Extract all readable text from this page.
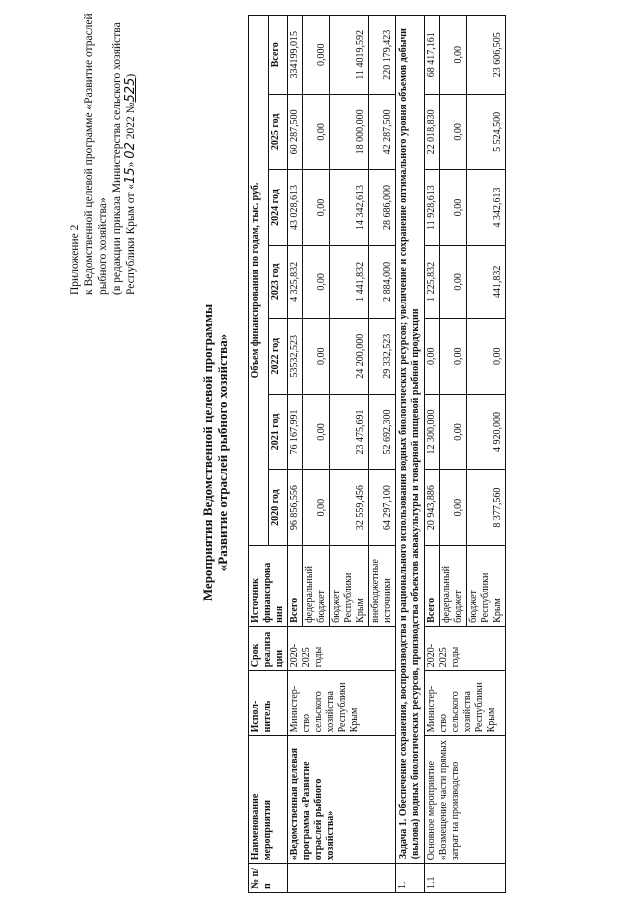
Приложение 2 к Ведомственной целевой программе «Развитие отраслей рыбного хозяйства» (в редакции приказа Министерства сельского хозяйства Республики Крым от «15» 02 2022 №525)
Мероприятия Ведомственной целевой программы «Развитие отраслей рыбного хозяйства»
№ п/п	Наименование мероприятия	Испол-нитель	Срок реализа ции	Источник финансирова ния	Объем финансирования по годам, тыс. руб.						
					2020 год	2021 год	2022 год	2023 год	2024 год	2025 год	Всего
	«Ведомственная целевая программа «Развитие отраслей рыбного хозяйства»	Министер-ство сельского хозяйства Республики Крым	2020-2025 годы	Всего	96 856,556	76 167,991	53532,523	4 325,832	43 028,613	60 287,500	334199,015
				федеральный бюджет	0,00	0,00	0,00	0,00	0,00	0,00	0,000
				бюджет Республики Крым	32 559,456	23 475,691	24 200,000	1 441,832	14 342,613	18 000,000	11 4019,592
				внебюджетные источники	64 297,100	52 692,300	29 332,523	2 884,000	28 686,000	42 287,500	220 179,423
1.	Задача 1. Обеспечение сохранения, воспроизводства и рационального использования водных биологических ресурсов; увеличение и сохранение оптимального уровня объемов добычи (вылова) водных биологических ресурсов, производства объектов аквакультуры и товарной пищевой рыбной продукции										
1.1	Основное мероприятие «Возмещение части прямых затрат на производство	Министер-ство сельского хозяйства Республики Крым	2020-2025 годы	Всего	20 943,886	12 300,000	0,00	1 225,832	11 928,613	22 018,830	68 417,161
				федеральный бюджет	0,00	0,00	0,00	0,00	0,00	0,00	0,00
				бюджет Республики Крым	8 377,560	4 920,000	0,00	441,832	4 342,613	5 524,500	23 606,505
